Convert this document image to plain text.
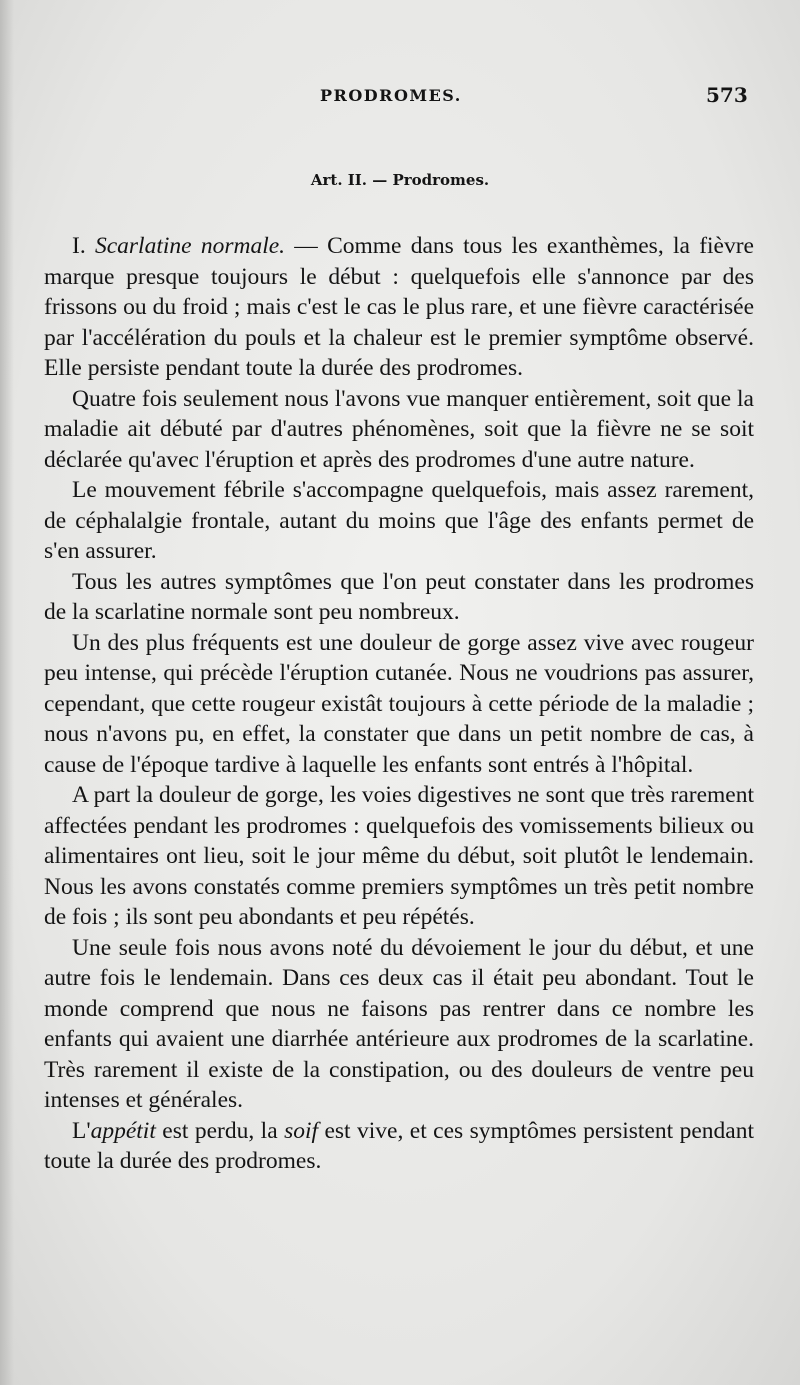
PRODROMES.	573
Art. II. — Prodromes.

I. Scarlatine normale. — Comme dans tous les exanthèmes, la fièvre marque presque toujours le début : quelquefois elle s'annonce par des frissons ou du froid ; mais c'est le cas le plus rare, et une fièvre caractérisée par l'accélération du pouls et la chaleur est le premier symptôme observé. Elle persiste pendant toute la durée des prodromes.

Quatre fois seulement nous l'avons vue manquer entièrement, soit que la maladie ait débuté par d'autres phénomènes, soit que la fièvre ne se soit déclarée qu'avec l'éruption et après des prodromes d'une autre nature.

Le mouvement fébrile s'accompagne quelquefois, mais assez rarement, de céphalalgie frontale, autant du moins que l'âge des enfants permet de s'en assurer.

Tous les autres symptômes que l'on peut constater dans les prodromes de la scarlatine normale sont peu nombreux.

Un des plus fréquents est une douleur de gorge assez vive avec rougeur peu intense, qui précède l'éruption cutanée. Nous ne voudrions pas assurer, cependant, que cette rougeur existât toujours à cette période de la maladie ; nous n'avons pu, en effet, la constater que dans un petit nombre de cas, à cause de l'époque tardive à laquelle les enfants sont entrés à l'hôpital.

A part la douleur de gorge, les voies digestives ne sont que très rarement affectées pendant les prodromes : quelquefois des vomissements bilieux ou alimentaires ont lieu, soit le jour même du début, soit plutôt le lendemain. Nous les avons constatés comme premiers symptômes un très petit nombre de fois ; ils sont peu abondants et peu répétés.

Une seule fois nous avons noté du dévoiement le jour du début, et une autre fois le lendemain. Dans ces deux cas il était peu abondant. Tout le monde comprend que nous ne faisons pas rentrer dans ce nombre les enfants qui avaient une diarrhée antérieure aux prodromes de la scarlatine. Très rarement il existe de la constipation, ou des douleurs de ventre peu intenses et générales.

L'appétit est perdu, la soif est vive, et ces symptômes persistent pendant toute la durée des prodromes.
